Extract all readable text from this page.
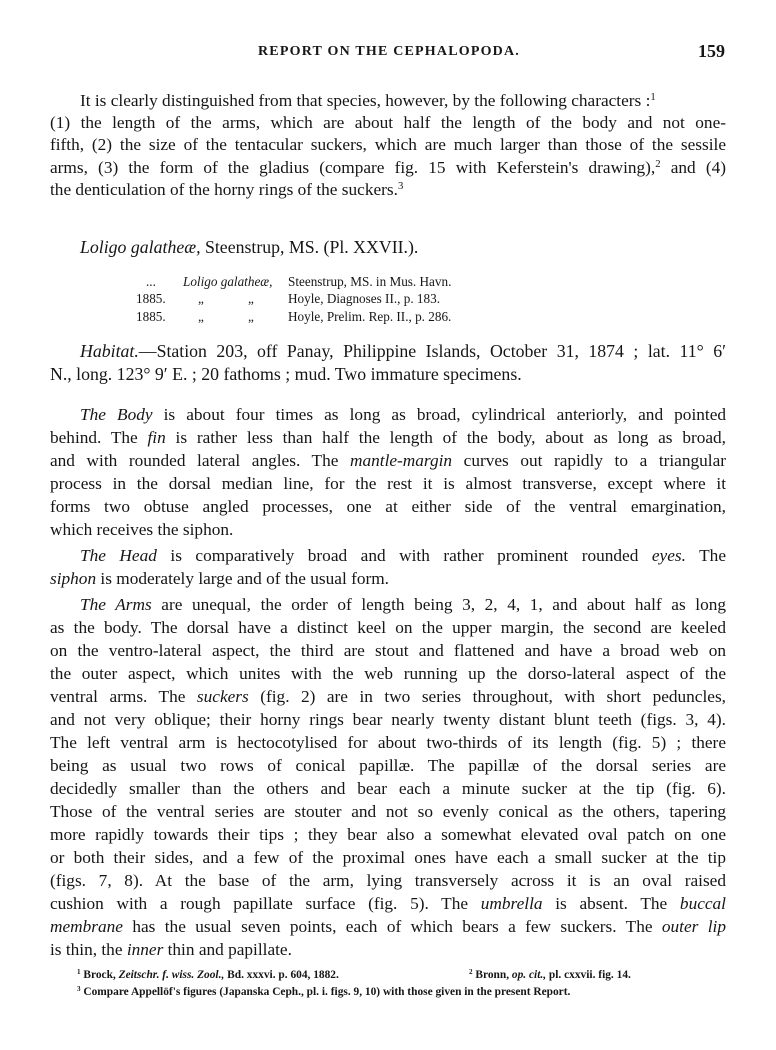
REPORT ON THE CEPHALOPODA.	159
It is clearly distinguished from that species, however, by the following characters :$^1$
(1) the length of the arms, which are about half the length of the body and not one-
fifth, (2) the size of the tentacular suckers, which are much larger than those of the sessile
arms, (3) the form of the gladius (compare fig. 15 with Keferstein's drawing),$^2$ and (4)
the denticulation of the horny rings of the suckers.$^3$
Loligo galatheæ, Steenstrup, MS. (Pl. XXVII.).
... Loligo galatheæ, Steenstrup, MS. in Mus. Havn.
1885. „	„	Hoyle, Diagnoses II., p. 183.
1885. „	„	Hoyle, Prelim. Rep. II., p. 286.
Habitat.—Station 203, off Panay, Philippine Islands, October 31, 1874 ; lat. 11° 6′
N., long. 123° 9′ E. ; 20 fathoms ; mud. Two immature specimens.
The Body is about four times as long as broad, cylindrical anteriorly, and pointed
behind. The fin is rather less than half the length of the body, about as long as broad,
and with rounded lateral angles. The mantle-margin curves out rapidly to a triangular
process in the dorsal median line, for the rest it is almost transverse, except where it
forms two obtuse angled processes, one at either side of the ventral emargination,
which receives the siphon.
The Head is comparatively broad and with rather prominent rounded eyes. The
siphon is moderately large and of the usual form.
The Arms are unequal, the order of length being 3, 2, 4, 1, and about half as long
as the body. The dorsal have a distinct keel on the upper margin, the second are keeled
on the ventro-lateral aspect, the third are stout and flattened and have a broad web on
the outer aspect, which unites with the web running up the dorso-lateral aspect of the
ventral arms. The suckers (fig. 2) are in two series throughout, with short peduncles,
and not very oblique; their horny rings bear nearly twenty distant blunt teeth (figs. 3, 4).
The left ventral arm is hectocotylised for about two-thirds of its length (fig. 5) ; there
being as usual two rows of conical papillæ. The papillæ of the dorsal series are
decidedly smaller than the others and bear each a minute sucker at the tip (fig. 6).
Those of the ventral series are stouter and not so evenly conical as the others, tapering
more rapidly towards their tips ; they bear also a somewhat elevated oval patch on one
or both their sides, and a few of the proximal ones have each a small sucker at the tip
(figs. 7, 8). At the base of the arm, lying transversely across it is an oval raised
cushion with a rough papillate surface (fig. 5). The umbrella is absent. The buccal
membrane has the usual seven points, each of which bears a few suckers. The outer lip
is thin, the inner thin and papillate.
$^1$ Brock, Zeitschr. f. wiss. Zool., Bd. xxxvi. p. 604, 1882.	$^2$ Bronn, op. cit., pl. cxxvii. fig. 14.
$^3$ Compare Appellöf's figures (Japanska Ceph., pl. i. figs. 9, 10) with those given in the present Report.
